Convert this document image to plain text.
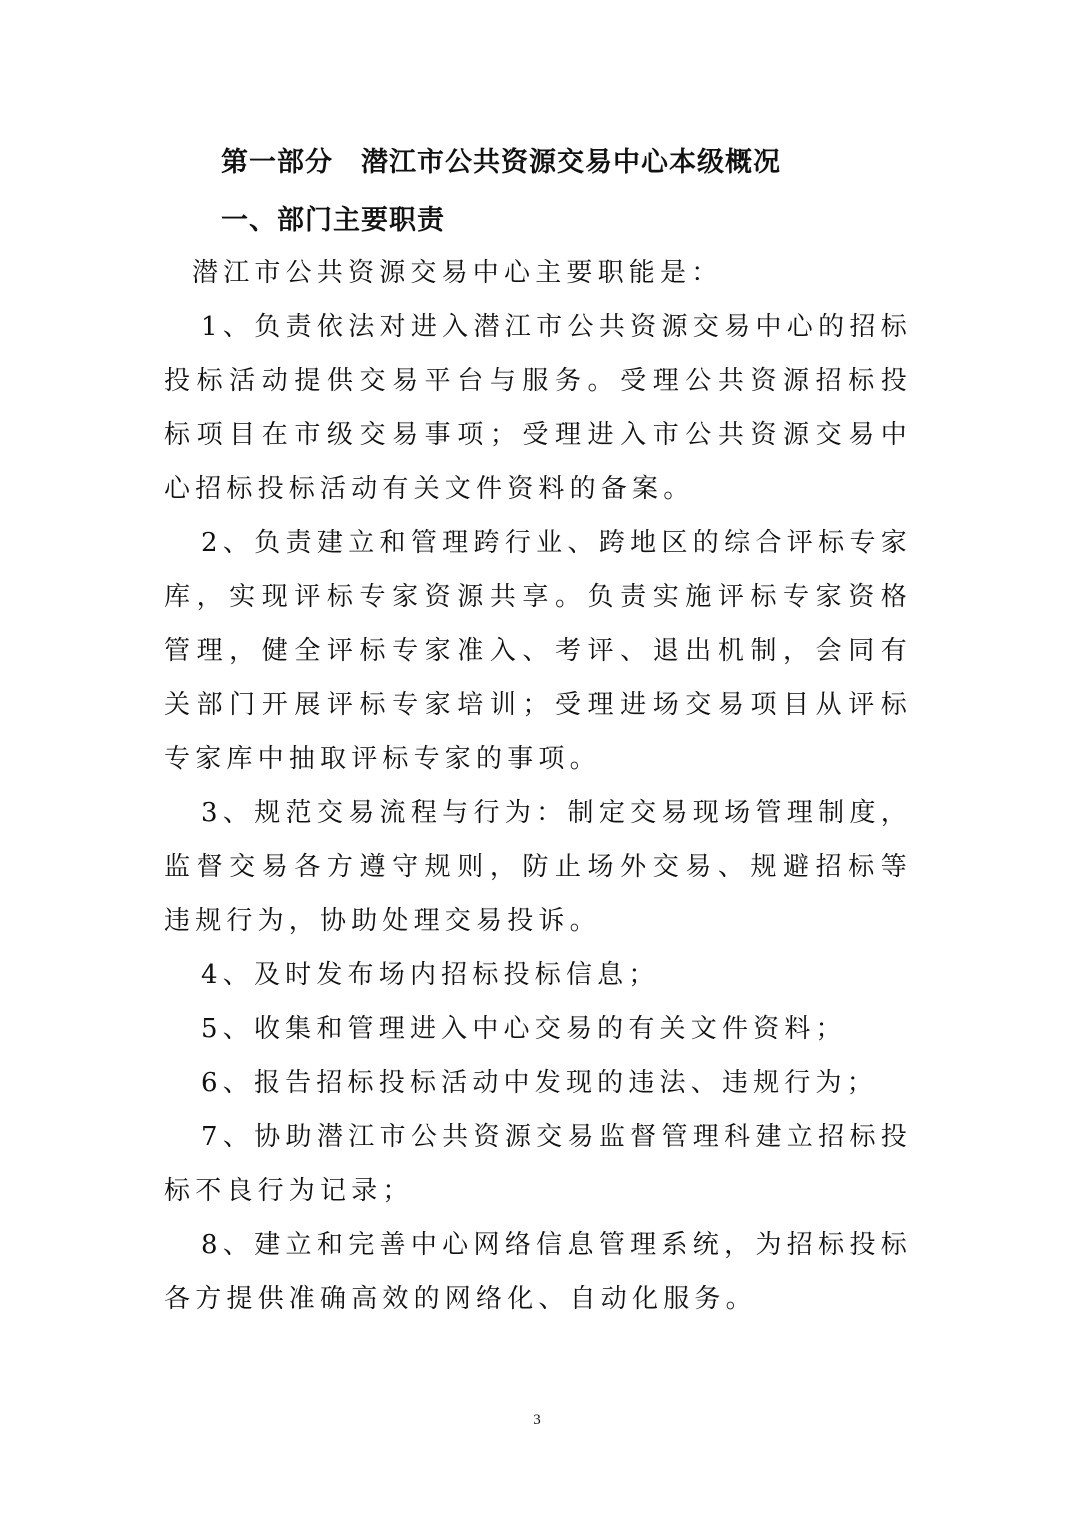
第一部分　潜江市公共资源交易中心本级概况
一、部门主要职责

潜江市公共资源交易中心主要职能是：

1、负责依法对进入潜江市公共资源交易中心的招标投标活动提供交易平台与服务。受理公共资源招标投标项目在市级交易事项；受理进入市公共资源交易中心招标投标活动有关文件资料的备案。

2、负责建立和管理跨行业、跨地区的综合评标专家库，实现评标专家资源共享。负责实施评标专家资格管理，健全评标专家准入、考评、退出机制，会同有关部门开展评标专家培训；受理进场交易项目从评标专家库中抽取评标专家的事项。

3、规范交易流程与行为：制定交易现场管理制度，监督交易各方遵守规则，防止场外交易、规避招标等违规行为，协助处理交易投诉。

4、及时发布场内招标投标信息；

5、收集和管理进入中心交易的有关文件资料；

6、报告招标投标活动中发现的违法、违规行为；

7、协助潜江市公共资源交易监督管理科建立招标投标不良行为记录；

8、建立和完善中心网络信息管理系统，为招标投标各方提供准确高效的网络化、自动化服务。

3
